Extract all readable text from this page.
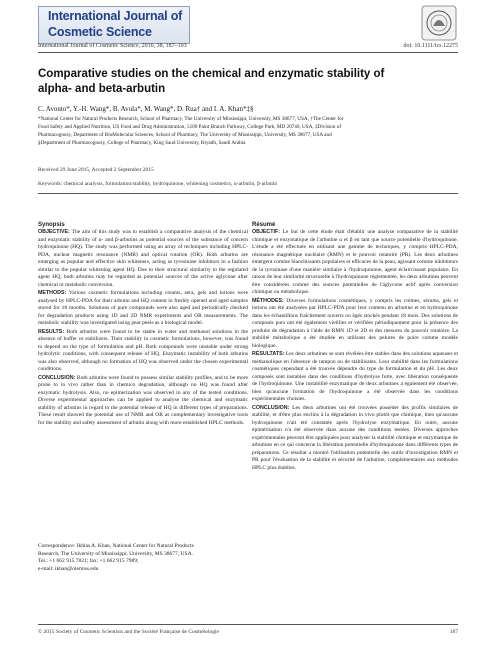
International Journal of
Cosmetic Science
International Journal of Cosmetic Science, 2016, 38, 187–193	doi: 10.1111/ics.12275
Comparative studies on the chemical and enzymatic stability of
alpha- and beta-arbutin
C. Avonto*, Y.-H. Wang*, B. Avula*, M. Wang*, D. Rua† and I. A. Khan*‡§
*National Center for Natural Products Research, School of Pharmacy, The University of Mississippi, University, MS 38677, USA, †The Center for
Food Safety and Applied Nutrition, US Food and Drug Administration, 5100 Paint Branch Parkway, College Park, MD 20740, USA, ‡Division of
Pharmacognosy, Department of BioMolecular Sciences, School of Pharmacy, The University of Mississippi, University, MS 38677, USA and
§Department of Pharmacognosy, College of Pharmacy, King Saud University, Riyadh, Saudi Arabia
Received 29 June 2015, Accepted 2 September 2015
Keywords: chemical analysis, formulation/stability, hydroquinone, whitening cosmetics, α-arbutin, β-arbutin
Synopsis

OBJECTIVE: The aim of this study was to establish a comparative analysis of the chemical and enzymatic stability of α- and β-arbutins as potential sources of the substance of concern hydroquinone (HQ). The study was performed using an array of techniques including HPLC-PDA, nuclear magnetic resonance (NMR) and optical rotation (OR). Both arbutins are emerging as popular and effective skin whiteners, acting as tyrosinase inhibitors in a fashion similar to the popular whitening agent HQ. Due to their structural similarity to the regulated agent HQ, both arbutins may be regarded as potential sources of the active aglycone after chemical or metabolic conversion.

METHODS: Various cosmetic formulations including creams, sera, gels and lotions were analysed by HPLC-PDA for their arbutin and HQ content in freshly opened and aged samples stored for 18 months. Solutions of pure compounds were also aged and periodically checked for degradation products using 1D and 2D NMR experiments and OR measurements. The metabolic stability was investigated using pear peels as a biological model.

RESULTS: Both arbutins were found to be stable in water and methanol solutions in the absence of buffer or stabilizers. Their stability in cosmetic formulations, however, was found to depend on the type of formulation and pH. Both compounds were unstable under strong hydrolytic conditions, with consequent release of HQ. Enzymatic instability of both arbutins was also observed, although no formation of HQ was observed under the chosen experimental conditions.

CONCLUSION: Both arbutins were found to possess similar stability profiles, and to be more prone to in vivo rather than in chemico degradation, although no HQ was found after enzymatic hydrolysis. Also, no epimerization was observed in any of the tested conditions. Diverse experimental approaches can be applied to analyse the chemical and enzymatic stability of arbutins in regard to the potential release of HQ in different types of preparations. These result showed the potential use of NMR and OR as complementary investigative tools for the stability and safety assessment of arbutin along with more established HPLC methods.

Correspondence: Ikhlas A. Khan, National Center for Natural Products
Research, The University of Mississippi, University, MS 38677, USA.
Tel.: +1 662 915 7821; fax: +1 662 915 7989;
e-mail: ikhan@olemiss.edu
Résumé

OBJECTIF: Le but de cette étude était d'établir une analyse comparative de la stabilité chimique et enzymatique de l'arbutine α et β en tant que source potentielle d'hydroquinone. L'étude a été effectuée en utilisant une gamme de techniques, y compris HPLC-PDA, résonance magnétique nucléaire (RMN) et le pouvoir rotatoire (PR). Les deux arbutines émergent comme blanchissants populaires et efficaces de la peau, agissant comme inhibiteurs de la tyrosinase d'une manière similaire à l'hydroquinone, agent éclaircissant populaire. En raison de leur similarité structurelle à l'hydroquinone réglementée, les deux arbutines peuvent être considérées comme des sources potentielles de l'aglycone actif après conversion chimique ou métabolique.

MÉTHODES: Diverses formulations cosmétiques, y compris les crèmes, sérums, gels et lotions ont été analysées par HPLC-PDA pour leur contenu en arbutine et en hydroquinone dans les échantillons fraîchement ouverts ou âgés stockés pendant 18 mois. Des solutions de composés purs ont été également vieillies et vérifiées périodiquement pour la présence des produits de dégradation à l'aide de RMN 1D et 2D et des mesures du pouvoir rotatoire. La stabilité métabolique a été étudiée en utilisant des pelures de poire comme modèle biologique.

RÉSULTATS: Les deux arbutines se sont révélées être stables dans des solutions aqueuses et méthanolique en l'absence de tampon ou de stabilisants. Leur stabilité dans les formulations cosmétiques cependant a été trouvée dépendre du type de formulation et du pH. Les deux composés sont instables dans des conditions d'hydrolyse forte, avec libération conséquente de l'hydroquinone. Une instabilité enzymatique de deux arbutines a également été observée, bien qu'aucune formation de l'hydroquinone a été observée dans les conditions expérimentales choisies.

CONCLUSION: Les deux arbutines ont été trouvées posséder des profils similaires de stabilité, et d'être plus enclins à la dégradation in vivo plutôt que chimique, bien qu'aucune hydroquinone n'ait été constatée après l'hydrolyse enzymatique. En outre, aucune épimérisation n'a été observée dans aucune des conditions testées. Diverses approches expérimentales peuvent être appliquées pour analyser la stabilité chimique et enzymatique de arbutines en ce qui concerne la libération potentielle d'hydroquinone dans différents types de préparations. Ce résultat a montré l'utilisation potentielle des outils d'investigation RMN et PR pour l'évaluation de la stabilité et sécurité de l'arbutine, complémentaires aux méthodes HPLC plus établies.

© 2015 Society of Cosmetic Scientists and the Société Française de Cosmétologie	187
